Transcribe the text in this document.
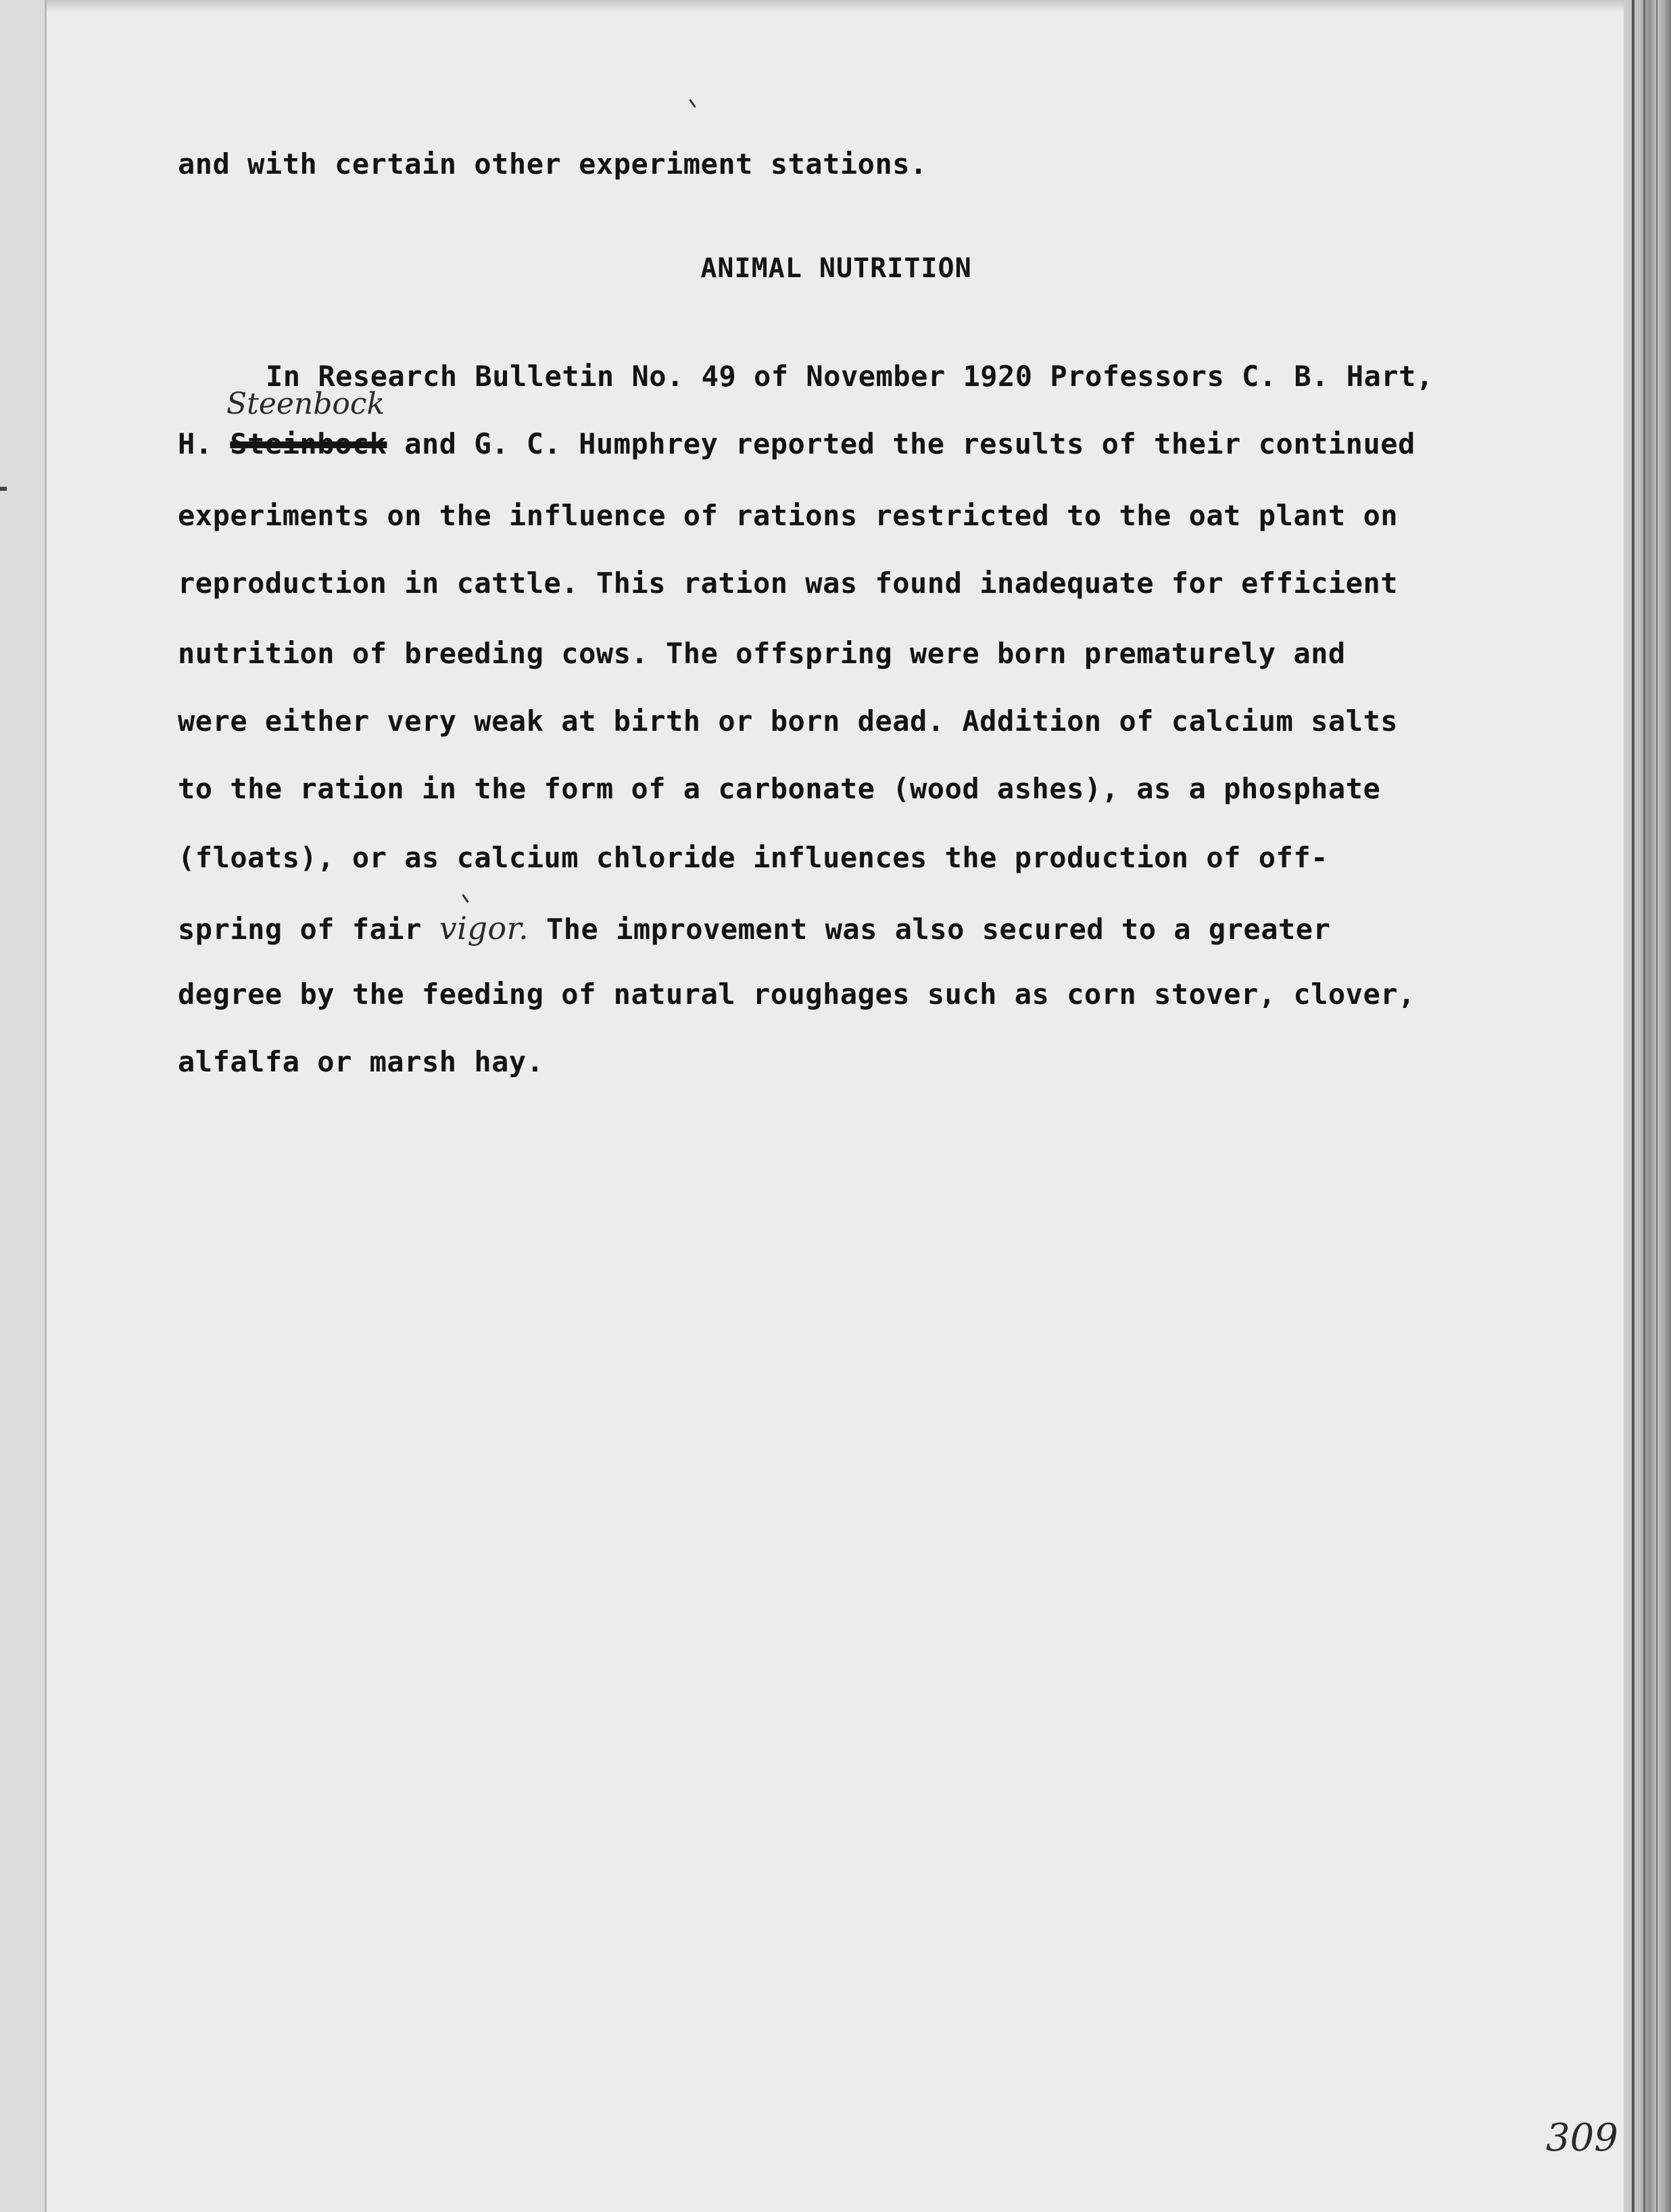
and with certain other experiment stations.
ANIMAL NUTRITION
In Research Bulletin No. 49 of November 1920 Professors C. B. Hart,
Steenbock
H. Steinbock and G. C. Humphrey reported the results of their continued
experiments on the influence of rations restricted to the oat plant on
reproduction in cattle. This ration was found inadequate for efficient
nutrition of breeding cows. The offspring were born prematurely and
were either very weak at birth or born dead. Addition of calcium salts
to the ration in the form of a carbonate (wood ashes), as a phosphate
(floats), or as calcium chloride influences the production of off-
spring of fair vigor. The improvement was also secured to a greater
degree by the feeding of natural roughages such as corn stover, clover,
alfalfa or marsh hay.
309
